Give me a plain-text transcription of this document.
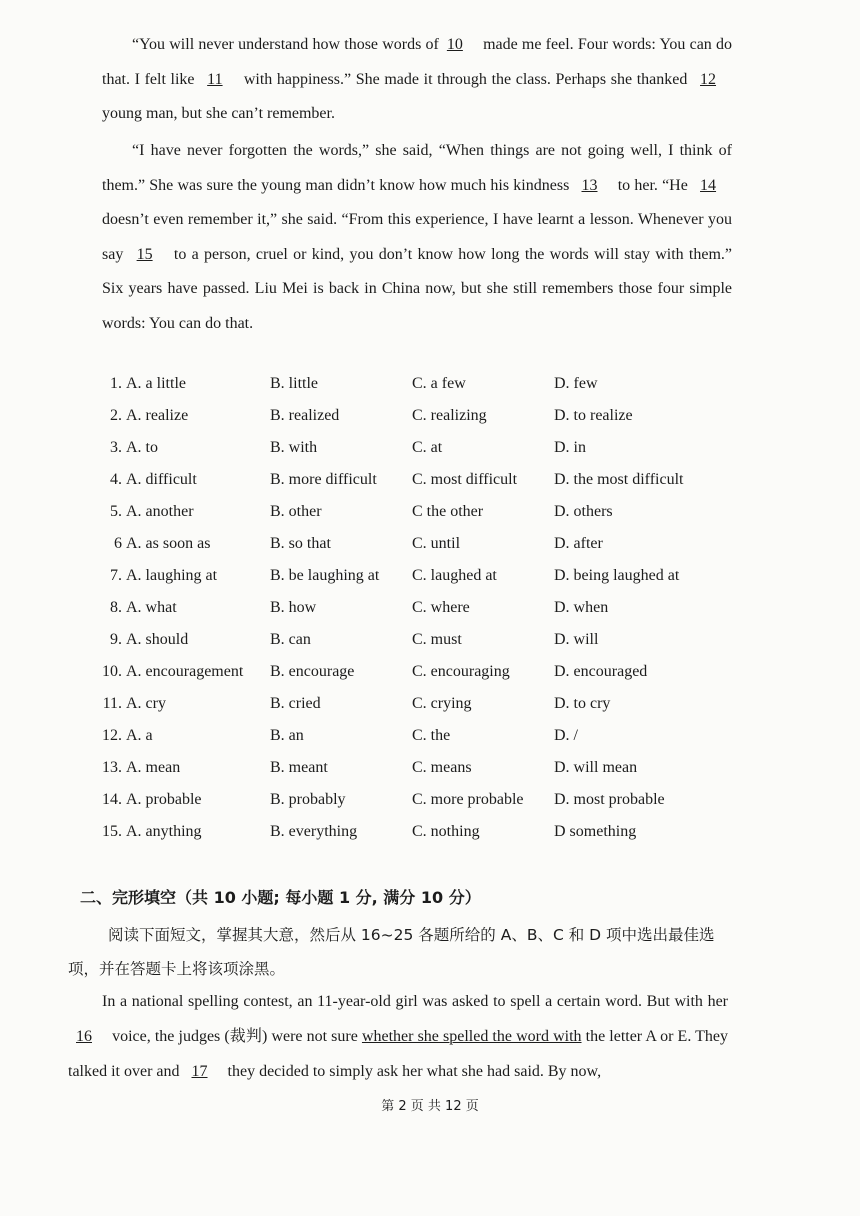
“You will never understand how those words of 10 made me feel. Four words: You can do that. I felt like 11 with happiness.” She made it through the class. Perhaps she thanked 12 young man, but she can’t remember.
“I have never forgotten the words,” she said, “When things are not going well, I think of them.” She was sure the young man didn’t know how much his kindness 13 to her. “He 14 doesn’t even remember it,” she said. “From this experience, I have learnt a lesson. Whenever you say 15 to a person, cruel or kind, you don’t know how long the words will stay with them.” Six years have passed. Liu Mei is back in China now, but she still remembers those four simple words: You can do that.
1. A. a little	B. little	C. a few	D. few
2. A. realize	B. realized	C. realizing	D. to realize
3. A. to	B. with	C. at	D. in
4. A. difficult	B. more difficult C. most difficult D. the most difficult
5. A. another	B. other	C the other	D. others
6 A. as soon as	B. so that	C. until	D. after
7. A. laughing at	B. be laughing at C. laughed at	D. being laughed at
8. A. what	B. how	C. where	D. when
9. A. should	B. can	C. must	D. will
10. A. encouragement B. encourage	C. encouraging	D. encouraged
11. A. cry	B. cried	C. crying	D. to cry
12. A. a	B. an	C. the	D. /
13. A. mean	B. meant	C. means	D. will mean
14. A. probable	B. probably	C. more probable D. most probable
15. A. anything	B. everything	C. nothing	D something
二、完形填空（共 10 小题; 每小题 1 分, 满分 10 分）
阅读下面短文，掌握其大意，然后从 16~25 各题所给的 A、B、C 和 D 项中选出最佳选项，并在答题卡上将该项涂黑。
In a national spelling contest, an 11-year-old girl was asked to spell a certain word. But with her 16 voice, the judges (裁判) were not sure whether she spelled the word with the letter A or E. They talked it over and 17 they decided to simply ask her what she had said. By now,
第 2 页 共 12 页
